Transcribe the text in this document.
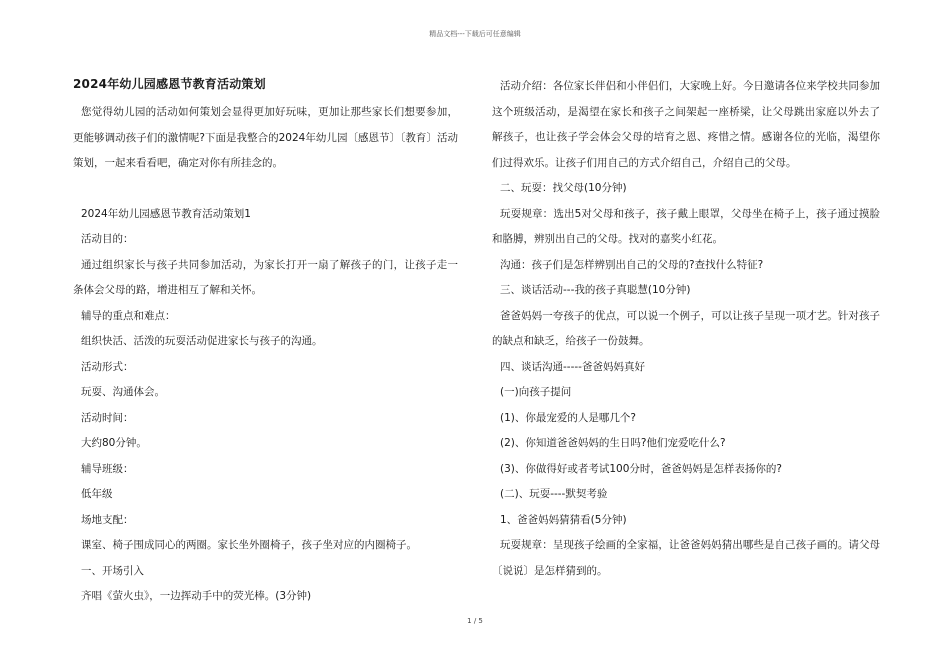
精品文档---下载后可任意编辑
2024年幼儿园感恩节教育活动策划

您觉得幼儿园的活动如何策划会显得更加好玩味，更加让那些家长们想要参加，更能够调动孩子们的激情呢?下面是我整合的2024年幼儿园〔感恩节〕〔教育〕活动策划，一起来看看吧，确定对你有所挂念的。

2024年幼儿园感恩节教育活动策划1

活动目的：

通过组织家长与孩子共同参加活动，为家长打开一扇了解孩子的门，让孩子走一条体会父母的路，增进相互了解和关怀。

辅导的重点和难点：

组织快活、活泼的玩耍活动促进家长与孩子的沟通。

活动形式：

玩耍、沟通体会。

活动时间：

大约80分钟。

辅导班级：

低年级

场地支配：

课室、椅子围成同心的两圈。家长坐外圈椅子，孩子坐对应的内圈椅子。

一、开场引入

齐唱《萤火虫》，一边挥动手中的荧光棒。(3分钟)

活动介绍：各位家长伴侣和小伴侣们，大家晚上好。今日邀请各位来学校共同参加这个班级活动，是渴望在家长和孩子之间架起一座桥梁，让父母跳出家庭以外去了解孩子，也让孩子学会体会父母的培育之恩、疼惜之情。感谢各位的光临，渴望你们过得欢乐。让孩子们用自己的方式介绍自己，介绍自己的父母。

二、玩耍：找父母(10分钟)

玩耍规章：选出5对父母和孩子，孩子戴上眼罩，父母坐在椅子上，孩子通过摸脸和胳膊，辨别出自己的父母。找对的嘉奖小红花。

沟通：孩子们是怎样辨别出自己的父母的?查找什么特征?

三、谈话活动---我的孩子真聪慧(10分钟)

爸爸妈妈一夸孩子的优点，可以说一个例子，可以让孩子呈现一项才艺。针对孩子的缺点和缺乏，给孩子一份鼓舞。

四、谈话沟通-----爸爸妈妈真好

(一)向孩子提问

(1)、你最宠爱的人是哪几个?

(2)、你知道爸爸妈妈的生日吗?他们宠爱吃什么?

(3)、你做得好或者考试100分时，爸爸妈妈是怎样表扬你的?

(二)、玩耍----默契考验

1、爸爸妈妈猜猜看(5分钟)

玩耍规章：呈现孩子绘画的全家福，让爸爸妈妈猜出哪些是自己孩子画的。请父母〔说说〕是怎样猜到的。

1 / 5
